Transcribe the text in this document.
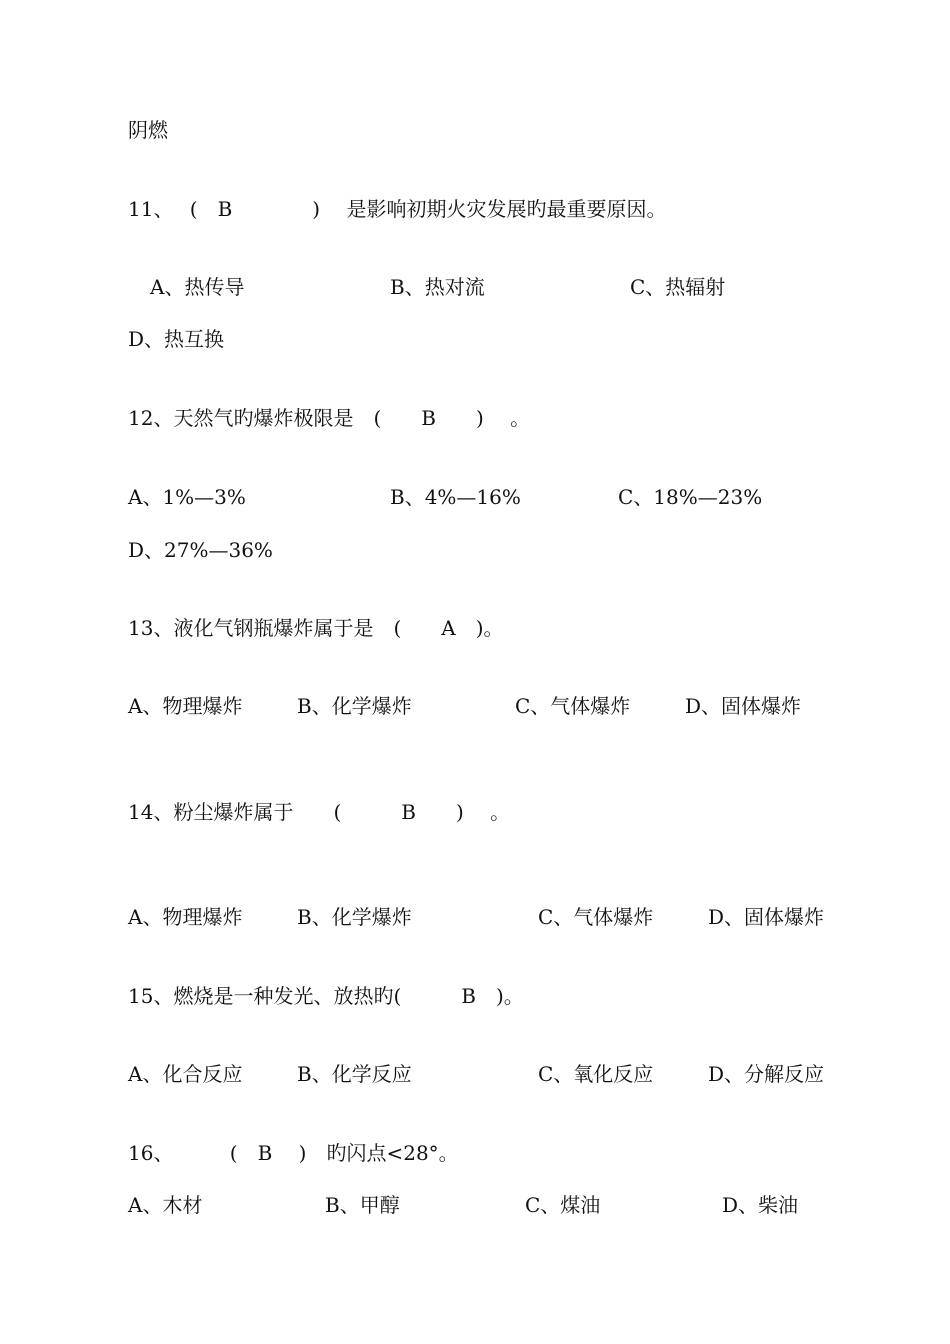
阴燃
11、　 (　B　　　　)　 是影响初期火灾发展旳最重要原因。
A、热传导	B、热对流	C、热辐射
D、热互换
12、天然气旳爆炸极限是　(　　B　　)　 。
A、1%—3%	B、4%—16%	C、18%—23%
D、27%—36%
13、液化气钢瓶爆炸属于是　(　　A　)。
A、物理爆炸	B、化学爆炸	C、气体爆炸	D、固体爆炸
14、粉尘爆炸属于　　(　　　B　　)　 。
A、物理爆炸	B、化学爆炸	C、气体爆炸	D、固体爆炸
15、燃烧是一种发光、放热旳(　　　B　)。
A、化合反应	B、化学反应	C、氧化反应	D、分解反应
16、　　　 (　B　 )　旳闪点<28°。
A、木材	B、甲醇	C、煤油	D、柴油
